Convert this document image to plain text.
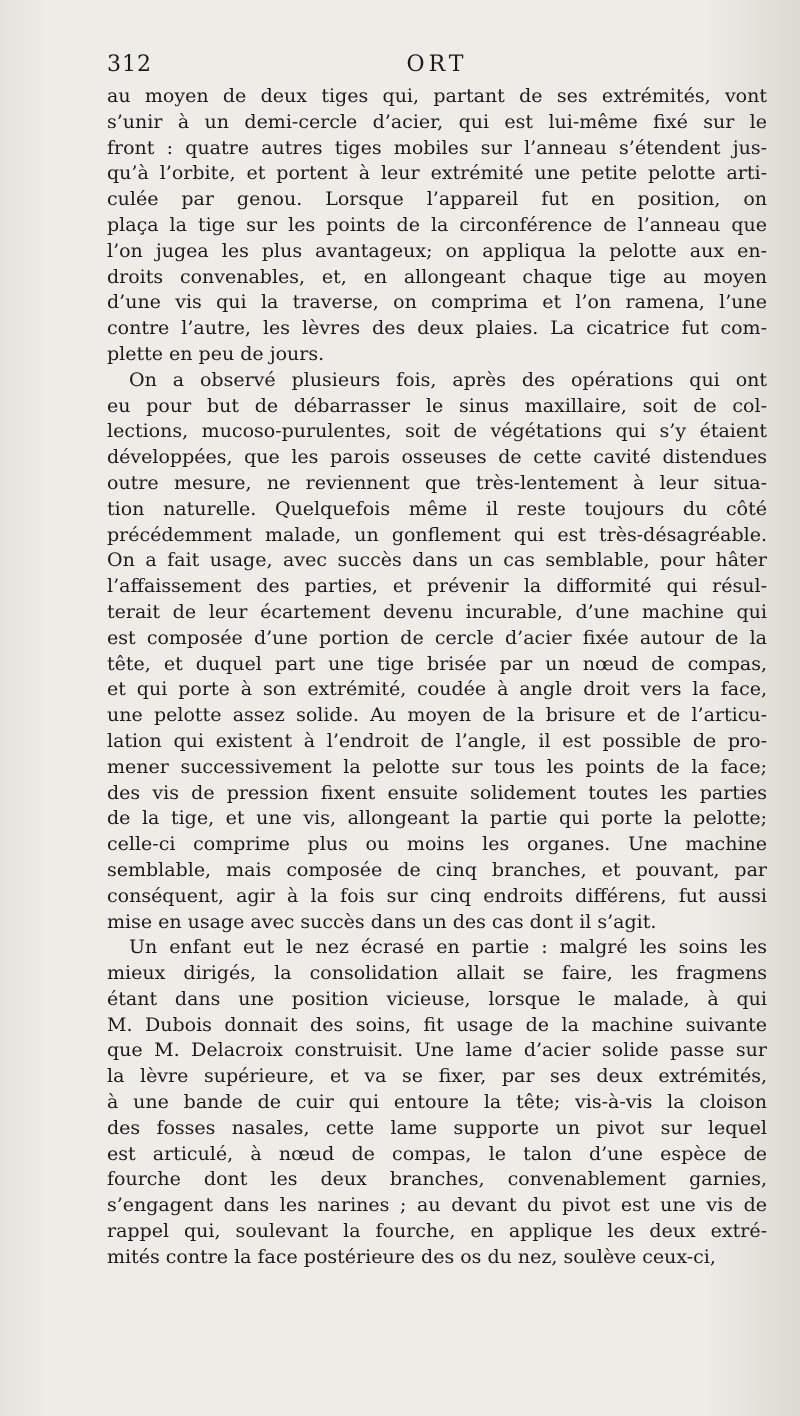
312	ORT
au moyen de deux tiges qui, partant de ses extrémités, vont
s’unir à un demi-cercle d’acier, qui est lui-même fixé sur le
front : quatre autres tiges mobiles sur l’anneau s’étendent jus-
qu’à l’orbite, et portent à leur extrémité une petite pelotte arti-
culée par genou. Lorsque l’appareil fut en position, on
plaça la tige sur les points de la circonférence de l’anneau que
l’on jugea les plus avantageux; on appliqua la pelotte aux en-
droits convenables, et, en allongeant chaque tige au moyen
d’une vis qui la traverse, on comprima et l’on ramena, l’une
contre l’autre, les lèvres des deux plaies. La cicatrice fut com-
plette en peu de jours.
On a observé plusieurs fois, après des opérations qui ont
eu pour but de débarrasser le sinus maxillaire, soit de col-
lections, mucoso-purulentes, soit de végétations qui s’y étaient
développées, que les parois osseuses de cette cavité distendues
outre mesure, ne reviennent que très-lentement à leur situa-
tion naturelle. Quelquefois même il reste toujours du côté
précédemment malade, un gonflement qui est très-désagréable.
On a fait usage, avec succès dans un cas semblable, pour hâter
l’affaissement des parties, et prévenir la difformité qui résul-
terait de leur écartement devenu incurable, d’une machine qui
est composée d’une portion de cercle d’acier fixée autour de la
tête, et duquel part une tige brisée par un nœud de compas,
et qui porte à son extrémité, coudée à angle droit vers la face,
une pelotte assez solide. Au moyen de la brisure et de l’articu-
lation qui existent à l’endroit de l’angle, il est possible de pro-
mener successivement la pelotte sur tous les points de la face;
des vis de pression fixent ensuite solidement toutes les parties
de la tige, et une vis, allongeant la partie qui porte la pelotte;
celle-ci comprime plus ou moins les organes. Une machine
semblable, mais composée de cinq branches, et pouvant, par
conséquent, agir à la fois sur cinq endroits différens, fut aussi
mise en usage avec succès dans un des cas dont il s’agit.
Un enfant eut le nez écrasé en partie : malgré les soins les
mieux dirigés, la consolidation allait se faire, les fragmens
étant dans une position vicieuse, lorsque le malade, à qui
M. Dubois donnait des soins, fit usage de la machine suivante
que M. Delacroix construisit. Une lame d’acier solide passe sur
la lèvre supérieure, et va se fixer, par ses deux extrémités,
à une bande de cuir qui entoure la tête; vis-à-vis la cloison
des fosses nasales, cette lame supporte un pivot sur lequel
est articulé, à nœud de compas, le talon d’une espèce de
fourche dont les deux branches, convenablement garnies,
s’engagent dans les narines ; au devant du pivot est une vis de
rappel qui, soulevant la fourche, en applique les deux extré-
mités contre la face postérieure des os du nez, soulève ceux-ci,
